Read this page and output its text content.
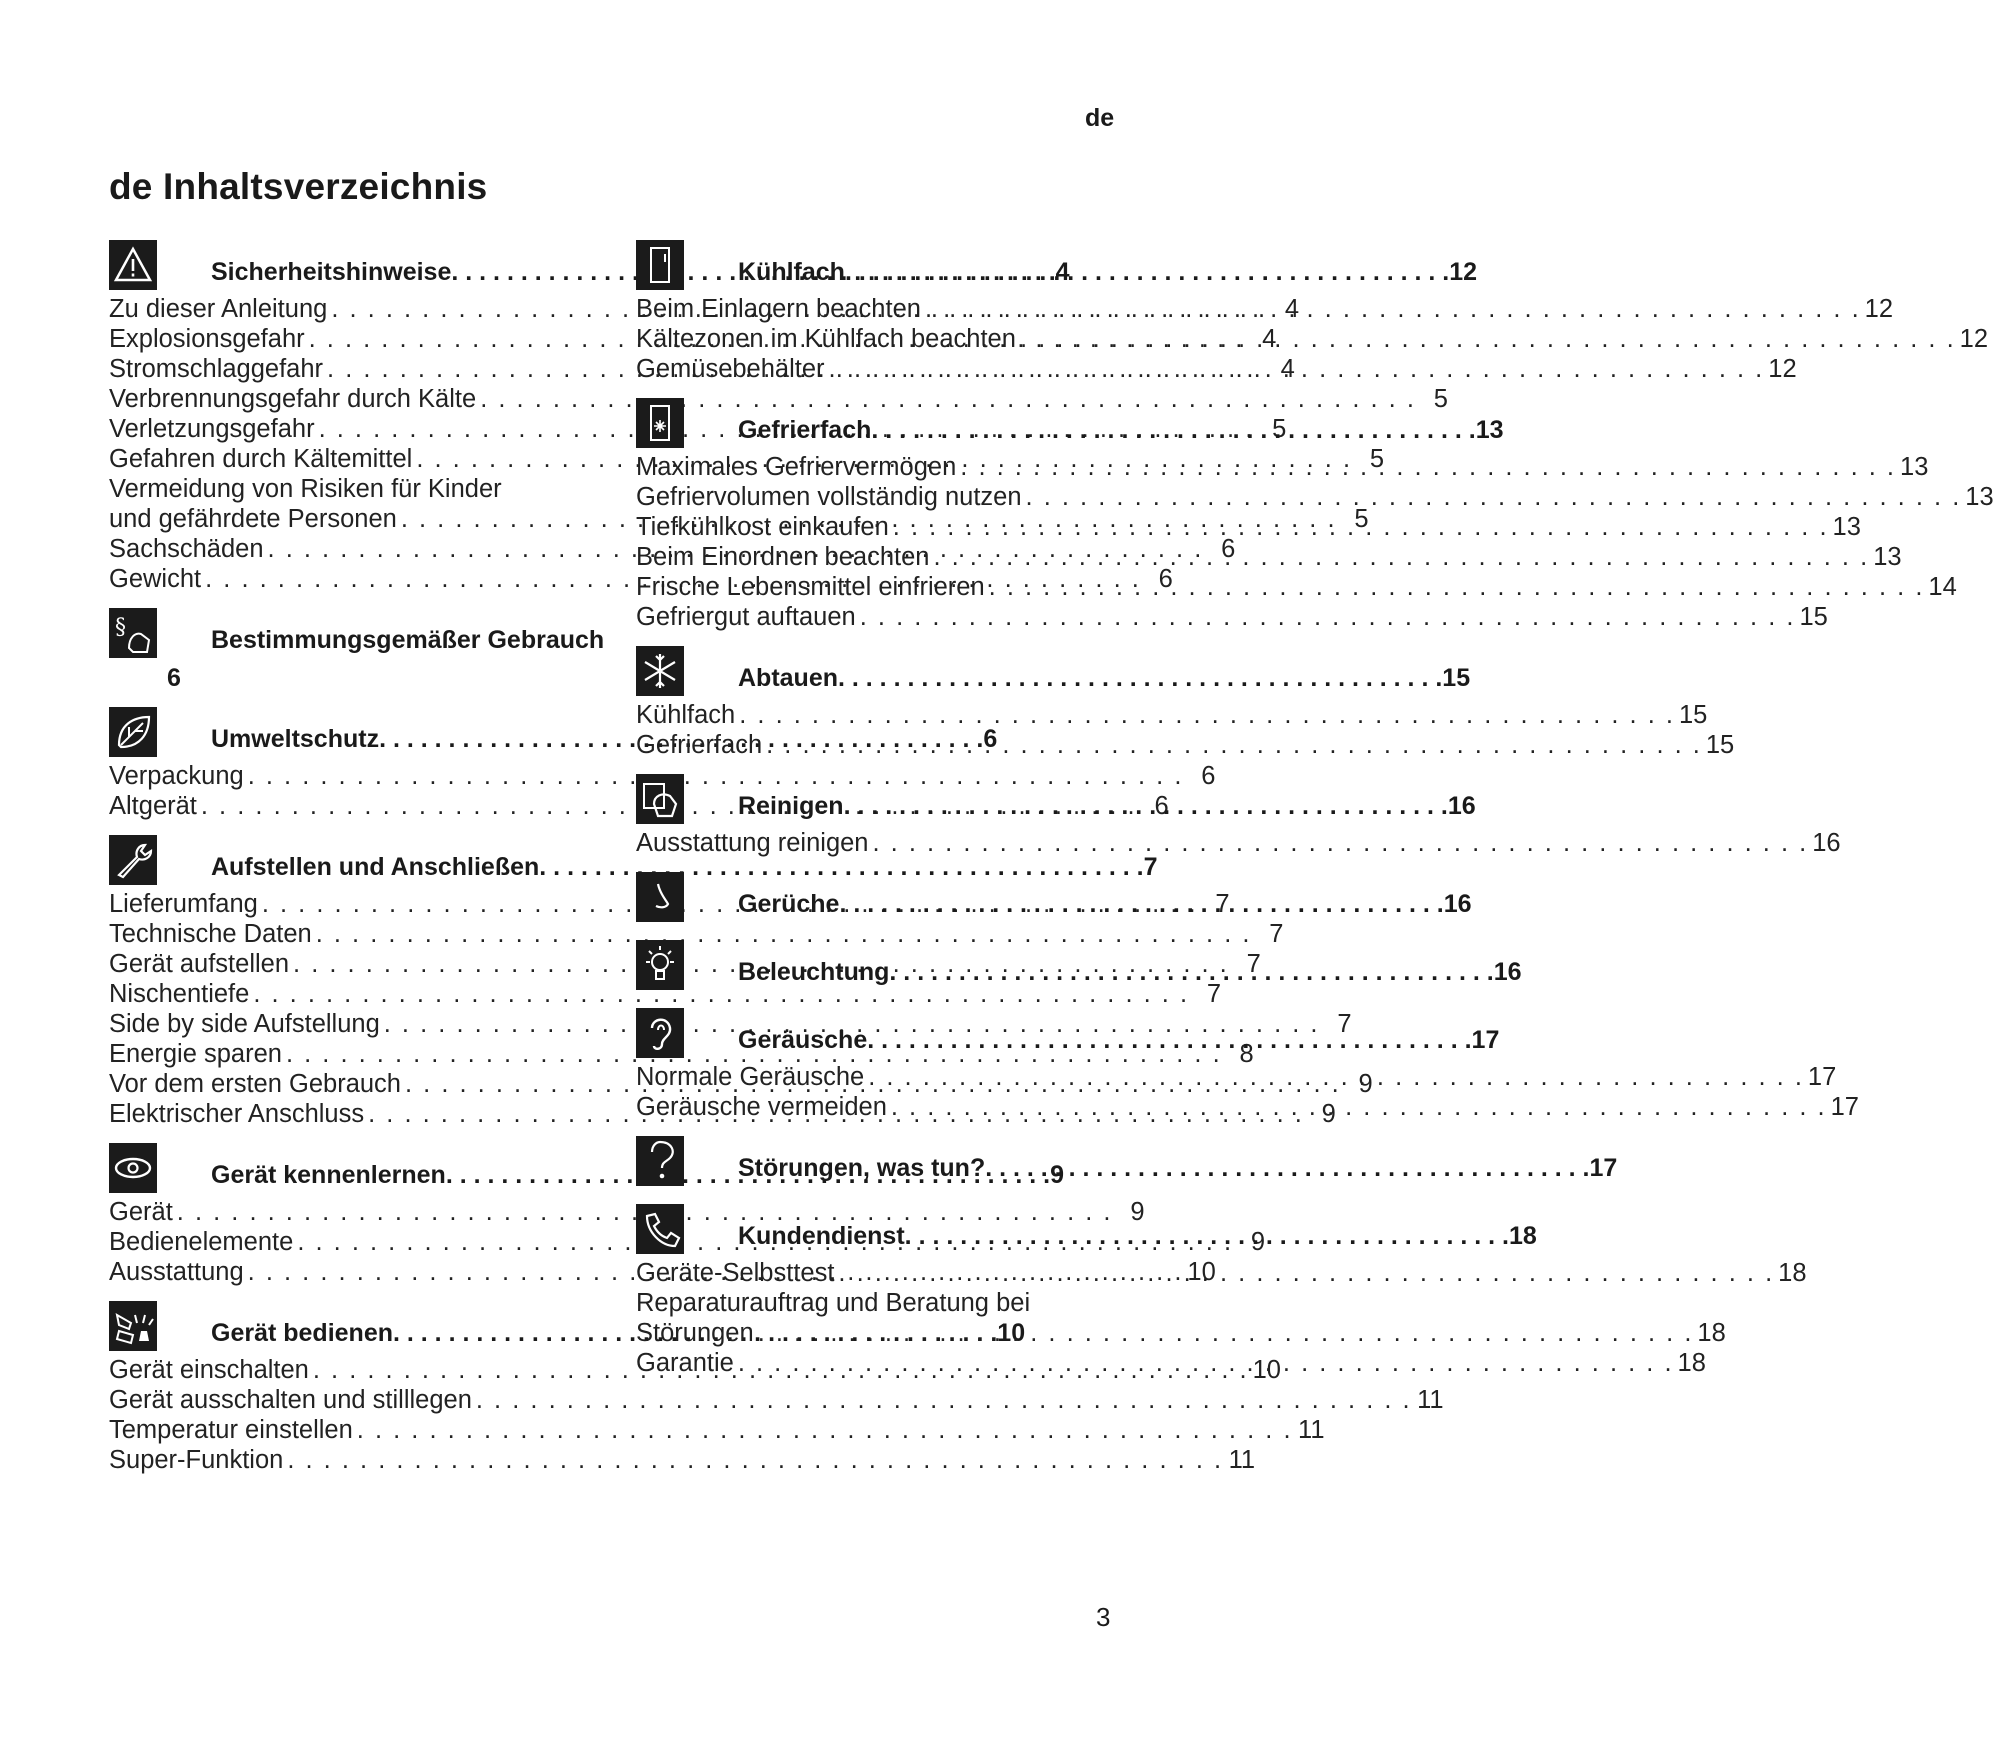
de
de Inhaltsverzeichnis
Sicherheitshinweise . . .	4
Zu dieser Anleitung . . .	4
Explosionsgefahr . . .	4
Stromschlaggefahr . . .	4
Verbrennungsgefahr durch Kälte . . .	5
Verletzungsgefahr . . .	5
Gefahren durch Kältemittel . . .	5
Vermeidung von Risiken für Kinder
und gefährdete Personen . . .	5
Sachschäden . . .	6
Gewicht . . .	6
§	Bestimmungsgemäßer Gebrauch
6
Umweltschutz . . .	6
Verpackung . . .	6
Altgerät . . .	6
Aufstellen und Anschließen . . .	7
Lieferumfang . . .	7
Technische Daten . . .	7
Gerät aufstellen . . .	7
Nischentiefe . . .	7
Side by side Aufstellung . . .	7
Energie sparen . . .	8
Vor dem ersten Gebrauch . . .	9
Elektrischer Anschluss . . .	9
Gerät kennenlernen . . .	9
Gerät . . .	9
Bedienelemente . . .	9
Ausstattung . . .	10
Gerät bedienen . . .	10
Gerät einschalten . . .	10
Gerät ausschalten und stilllegen . . .	11
Temperatur einstellen . . .	11
Super-Funktion . . .	11
Kühlfach . . .	12
Beim Einlagern beachten . . .	12
Kältezonen im Kühlfach beachten . . .	12
Gemüsebehälter . . .	12
Gefrierfach . . .	13
Maximales Gefriervermögen . . .	13
Gefriervolumen vollständig nutzen . . .	13
Tiefkühlkost einkaufen . . .	13
Beim Einordnen beachten . . .	13
Frische Lebensmittel einfrieren . . .	14
Gefriergut auftauen . . .	15
Abtauen . . .	15
Kühlfach . . .	15
Gefrierfach . . .	15
Reinigen . . .	16
Ausstattung reinigen . . .	16
Gerüche . . .	16
Beleuchtung . . .	16
Geräusche . . .	17
Normale Geräusche . . .	17
Geräusche vermeiden . . .	17
Störungen, was tun? . . .	17
Kundendienst . . .	18
Geräte-Selbsttest . . .	18
Reparaturauftrag und Beratung bei
Störungen . . .	18
Garantie . . .	18
3
